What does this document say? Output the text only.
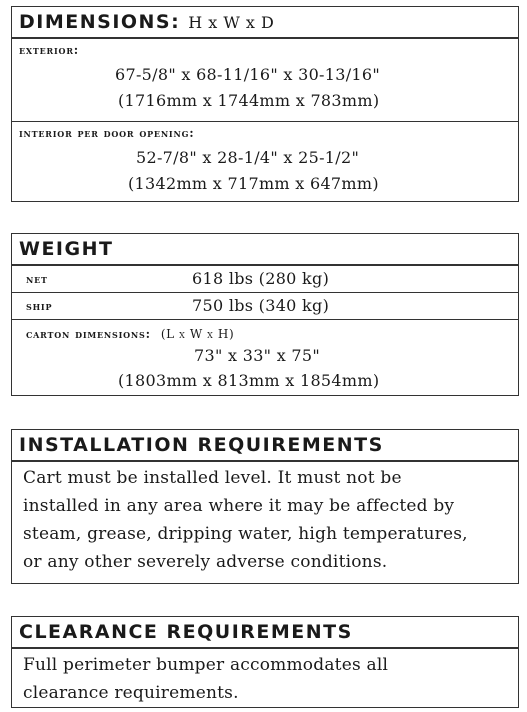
DIMENSIONS: H x W x D
exterior:
67-5/8" x 68-11/16" x 30-13/16"
(1716mm x 1744mm x 783mm)
interior per door opening:
52-7/8" x 28-1/4" x 25-1/2"
(1342mm x 717mm x 647mm)
WEIGHT
net	618 lbs (280 kg)
ship	750 lbs (340 kg)
carton dimensions: (L x W x H)
73" x 33" x 75"
(1803mm x 813mm x 1854mm)
INSTALLATION REQUIREMENTS
Cart must be installed level. It must not be
installed in any area where it may be affected by
steam, grease, dripping water, high temperatures,
or any other severely adverse conditions.
CLEARANCE REQUIREMENTS
Full perimeter bumper accommodates all
clearance requirements.
